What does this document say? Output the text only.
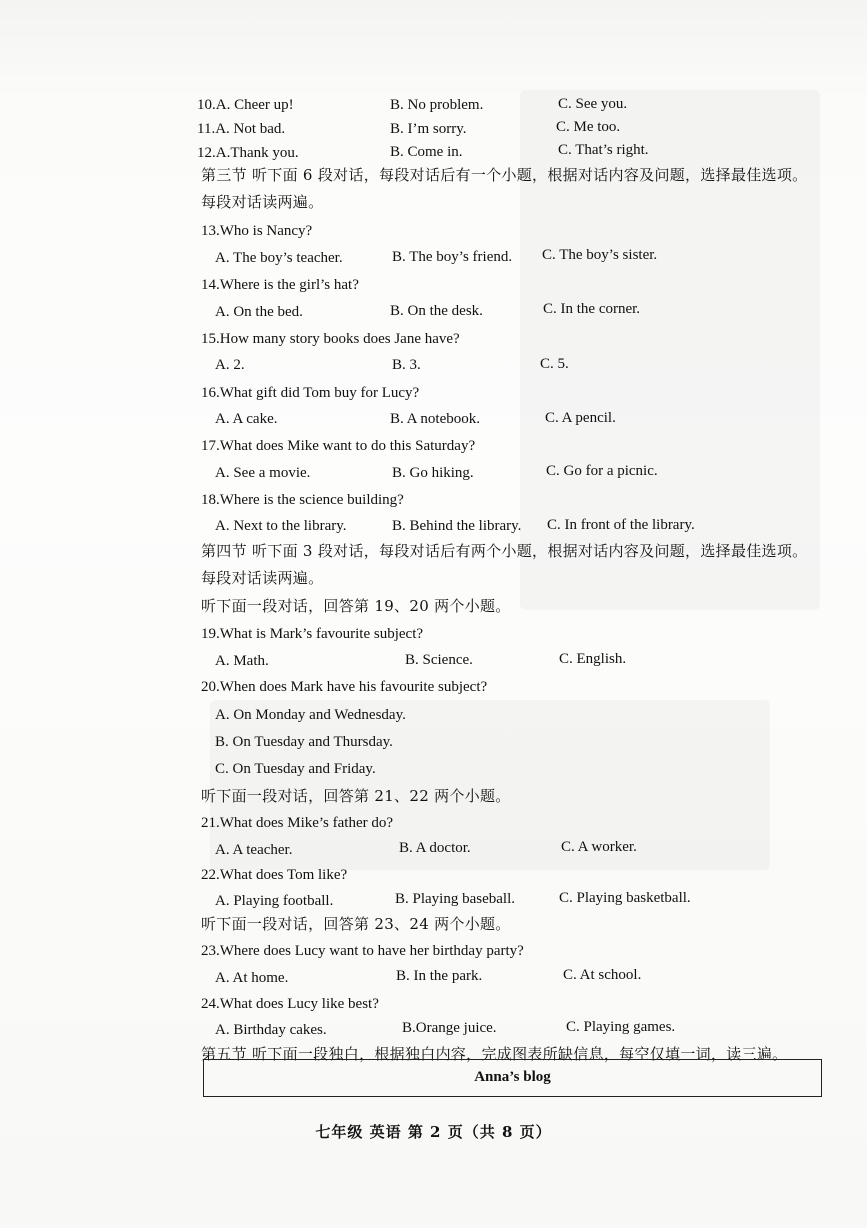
10.A. Cheer up!	B. No problem.	C. See you.
11.A. Not bad.	B. I’m sorry.	C. Me too.
12.A.Thank you.	B. Come in.	C. That’s right.
第三节 听下面 6 段对话，每段对话后有一个小题，根据对话内容及问题，选择最佳选项。
每段对话读两遍。
13.Who is Nancy?
A. The boy’s teacher.	B. The boy’s friend. C. The boy’s sister.
14.Where is the girl’s hat?
A. On the bed.	B. On the desk.	C. In the corner.
15.How many story books does Jane have?
A. 2.	B. 3.	C. 5.
16.What gift did Tom buy for Lucy?
A. A cake.	B. A notebook.	C. A pencil.
17.What does Mike want to do this Saturday?
A. See a movie.	B. Go hiking.	C. Go for a picnic.
18.Where is the science building?
A. Next to the library.	B. Behind the library. C. In front of the library.
第四节 听下面 3 段对话，每段对话后有两个小题，根据对话内容及问题，选择最佳选项。
每段对话读两遍。
听下面一段对话，回答第 19、20 两个小题。
19.What is Mark’s favourite subject?
A. Math.	B. Science.	C. English.
20.When does Mark have his favourite subject?
A. On Monday and Wednesday.
B. On Tuesday and Thursday.
C. On Tuesday and Friday.
听下面一段对话，回答第 21、22 两个小题。
21.What does Mike’s father do?
A. A teacher.	B. A doctor.	C. A worker.
22.What does Tom like?
A. Playing football.	B. Playing baseball.	C. Playing basketball.
听下面一段对话，回答第 23、24 两个小题。
23.Where does Lucy want to have her birthday party?
A. At home.	B. In the park.	C. At school.
24.What does Lucy like best?
A. Birthday cakes.	B.Orange juice.	C. Playing games.
第五节 听下面一段独白，根据独白内容，完成图表所缺信息，每空仅填一词，读三遍。
Anna’s blog
七年级 英语 第 2 页（共 8 页）
